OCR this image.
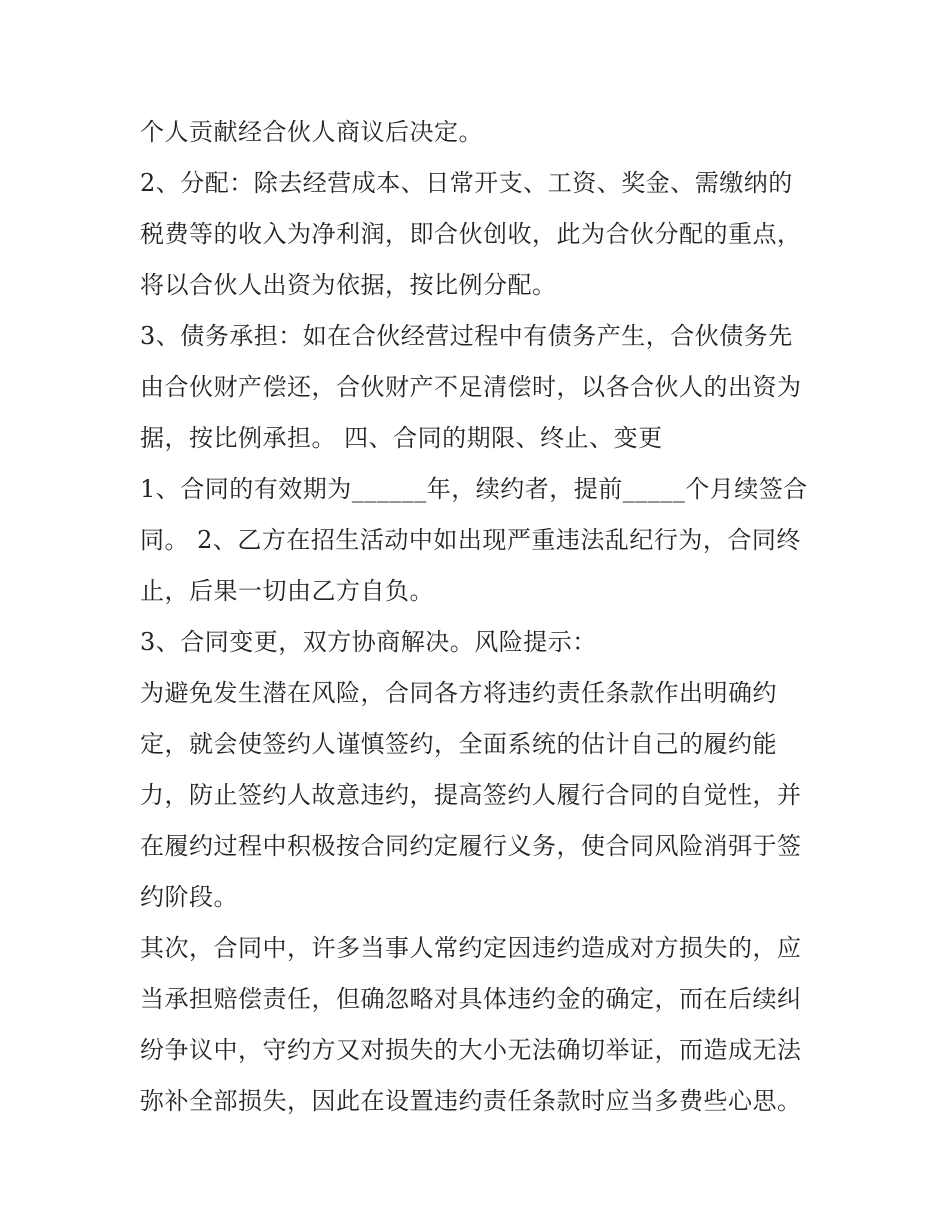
个人贡献经合伙人商议后决定。
2、分配：除去经营成本、日常开支、工资、奖金、需缴纳的
税费等的收入为净利润，即合伙创收，此为合伙分配的重点，
将以合伙人出资为依据，按比例分配。
3、债务承担：如在合伙经营过程中有债务产生，合伙债务先
由合伙财产偿还，合伙财产不足清偿时，以各合伙人的出资为
据，按比例承担。 四、合同的期限、终止、变更
1、合同的有效期为______年，续约者，提前_____个月续签合
同。 2、乙方在招生活动中如出现严重违法乱纪行为，合同终
止，后果一切由乙方自负。
3、合同变更，双方协商解决。风险提示：
为避免发生潜在风险，合同各方将违约责任条款作出明确约
定，就会使签约人谨慎签约，全面系统的估计自己的履约能
力，防止签约人故意违约，提高签约人履行合同的自觉性，并
在履约过程中积极按合同约定履行义务，使合同风险消弭于签
约阶段。
其次，合同中，许多当事人常约定因违约造成对方损失的，应
当承担赔偿责任，但确忽略对具体违约金的确定，而在后续纠
纷争议中，守约方又对损失的大小无法确切举证，而造成无法
弥补全部损失，因此在设置违约责任条款时应当多费些心思。
